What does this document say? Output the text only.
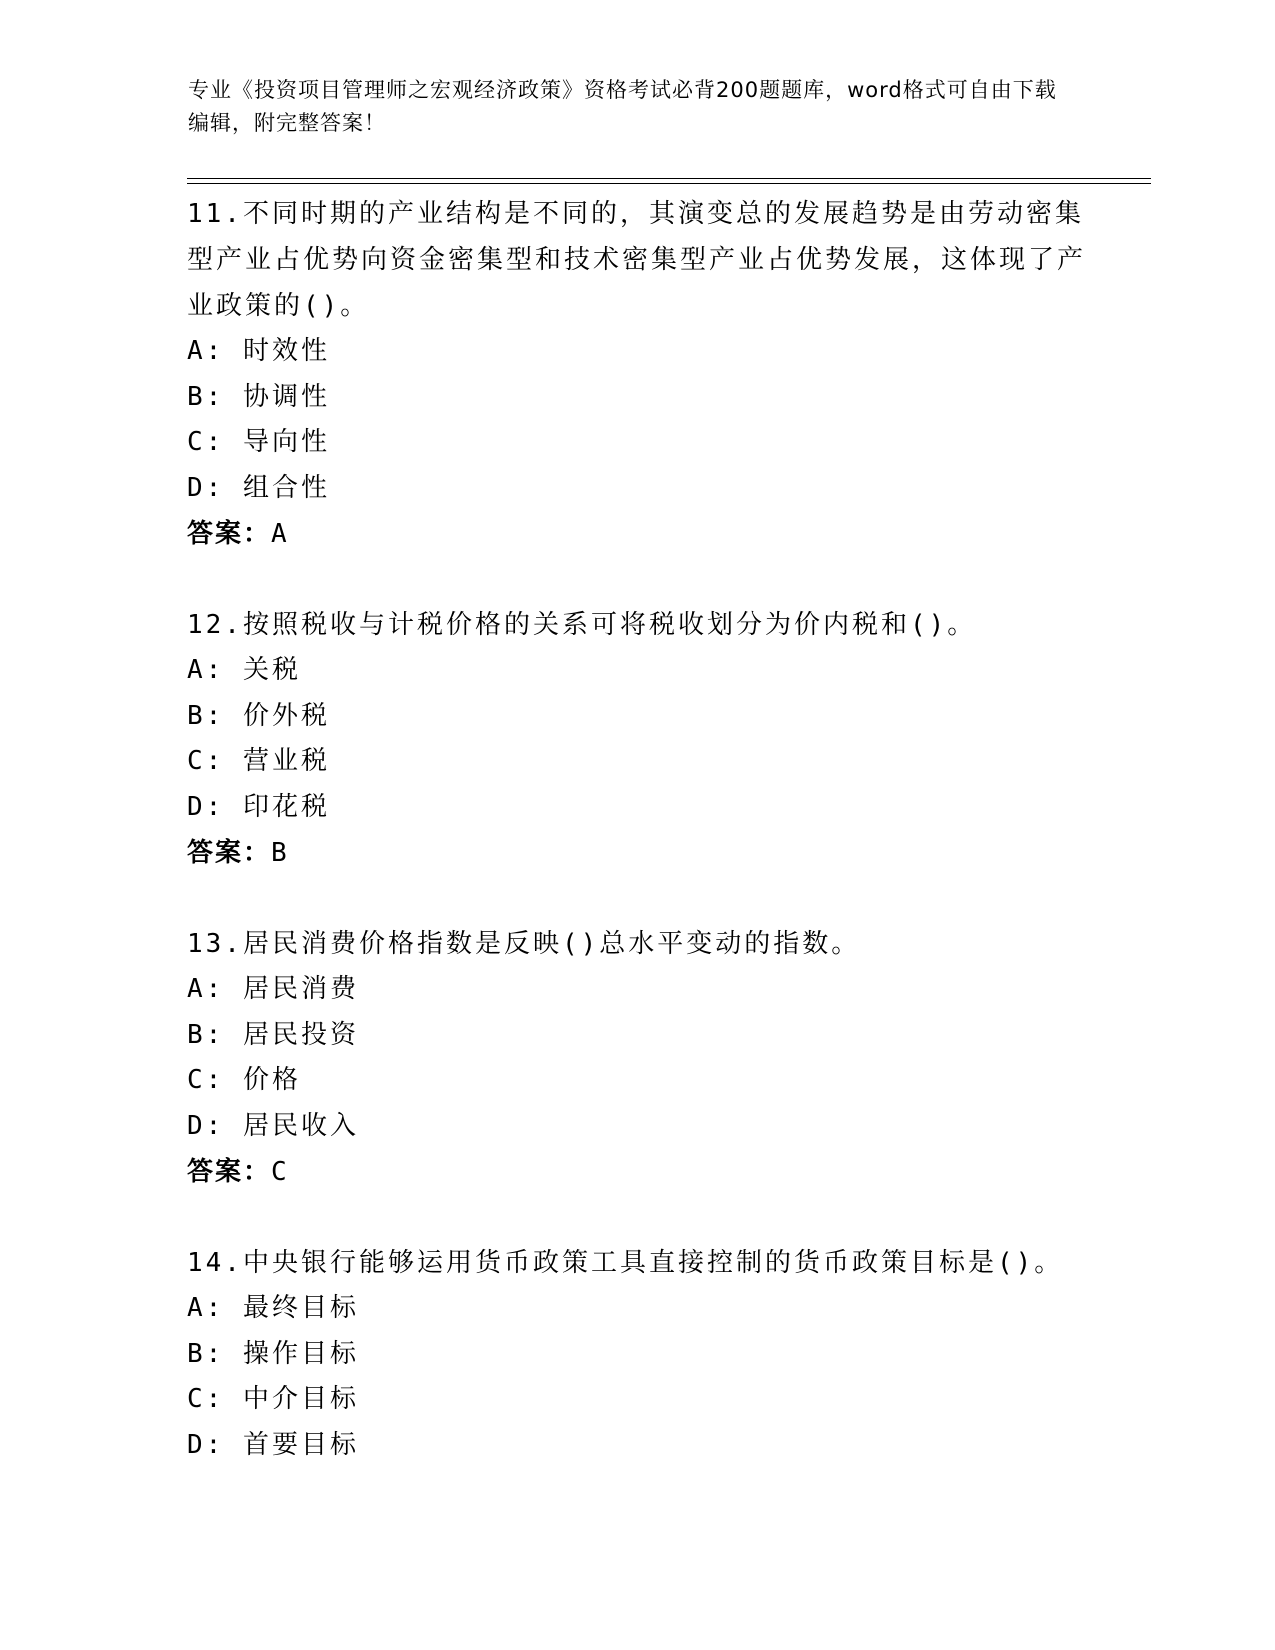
专业《投资项目管理师之宏观经济政策》资格考试必背200题题库，word格式可自由下载编辑，附完整答案！

11.不同时期的产业结构是不同的，其演变总的发展趋势是由劳动密集型产业占优势向资金密集型和技术密集型产业占优势发展，这体现了产业政策的()。

A: 时效性
B: 协调性
C: 导向性
D: 组合性
答案：A

12.按照税收与计税价格的关系可将税收划分为价内税和()。

A: 关税
B: 价外税
C: 营业税
D: 印花税
答案：B

13.居民消费价格指数是反映()总水平变动的指数。

A: 居民消费
B: 居民投资
C: 价格
D: 居民收入
答案：C

14.中央银行能够运用货币政策工具直接控制的货币政策目标是()。

A: 最终目标
B: 操作目标
C: 中介目标
D: 首要目标
